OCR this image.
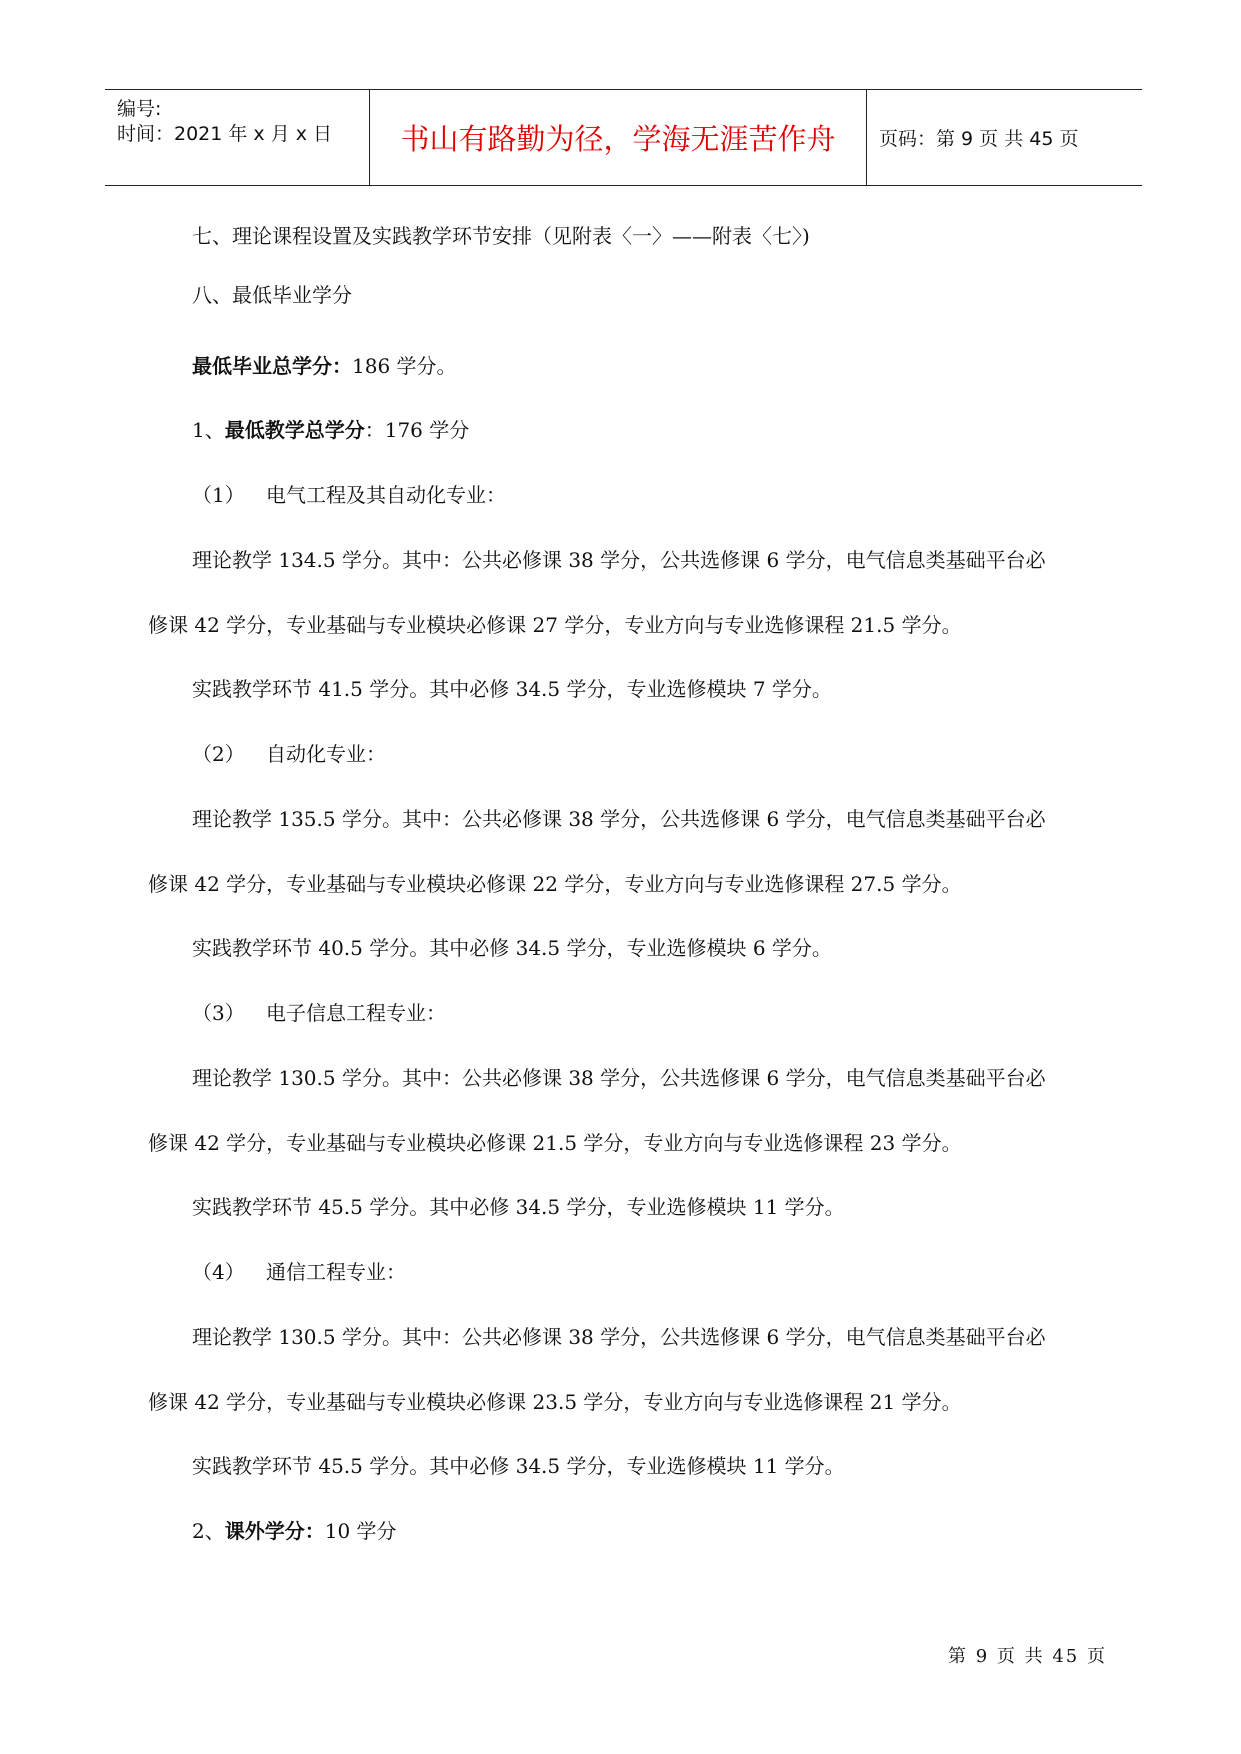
编号:
时间：2021 年 x 月 x 日	书山有路勤为径，学海无涯苦作舟	页码：第 9 页 共 45 页
七、理论课程设置及实践教学环节安排（见附表〈一〉——附表〈七〉)
八、最低毕业学分
最低毕业总学分：186 学分。
1、最低教学总学分：176 学分
（1） 电气工程及其自动化专业：
理论教学 134.5 学分。其中：公共必修课 38 学分，公共选修课 6 学分，电气信息类基础平台必
修课 42 学分，专业基础与专业模块必修课 27 学分，专业方向与专业选修课程 21.5 学分。
实践教学环节 41.5 学分。其中必修 34.5 学分，专业选修模块 7 学分。
（2） 自动化专业：
理论教学 135.5 学分。其中：公共必修课 38 学分，公共选修课 6 学分，电气信息类基础平台必
修课 42 学分，专业基础与专业模块必修课 22 学分，专业方向与专业选修课程 27.5 学分。
实践教学环节 40.5 学分。其中必修 34.5 学分，专业选修模块 6 学分。
（3） 电子信息工程专业：
理论教学 130.5 学分。其中：公共必修课 38 学分，公共选修课 6 学分，电气信息类基础平台必
修课 42 学分，专业基础与专业模块必修课 21.5 学分，专业方向与专业选修课程 23 学分。
实践教学环节 45.5 学分。其中必修 34.5 学分，专业选修模块 11 学分。
（4） 通信工程专业：
理论教学 130.5 学分。其中：公共必修课 38 学分，公共选修课 6 学分，电气信息类基础平台必
修课 42 学分，专业基础与专业模块必修课 23.5 学分，专业方向与专业选修课程 21 学分。
实践教学环节 45.5 学分。其中必修 34.5 学分，专业选修模块 11 学分。
2、课外学分：10 学分
第 9 页 共 45 页
